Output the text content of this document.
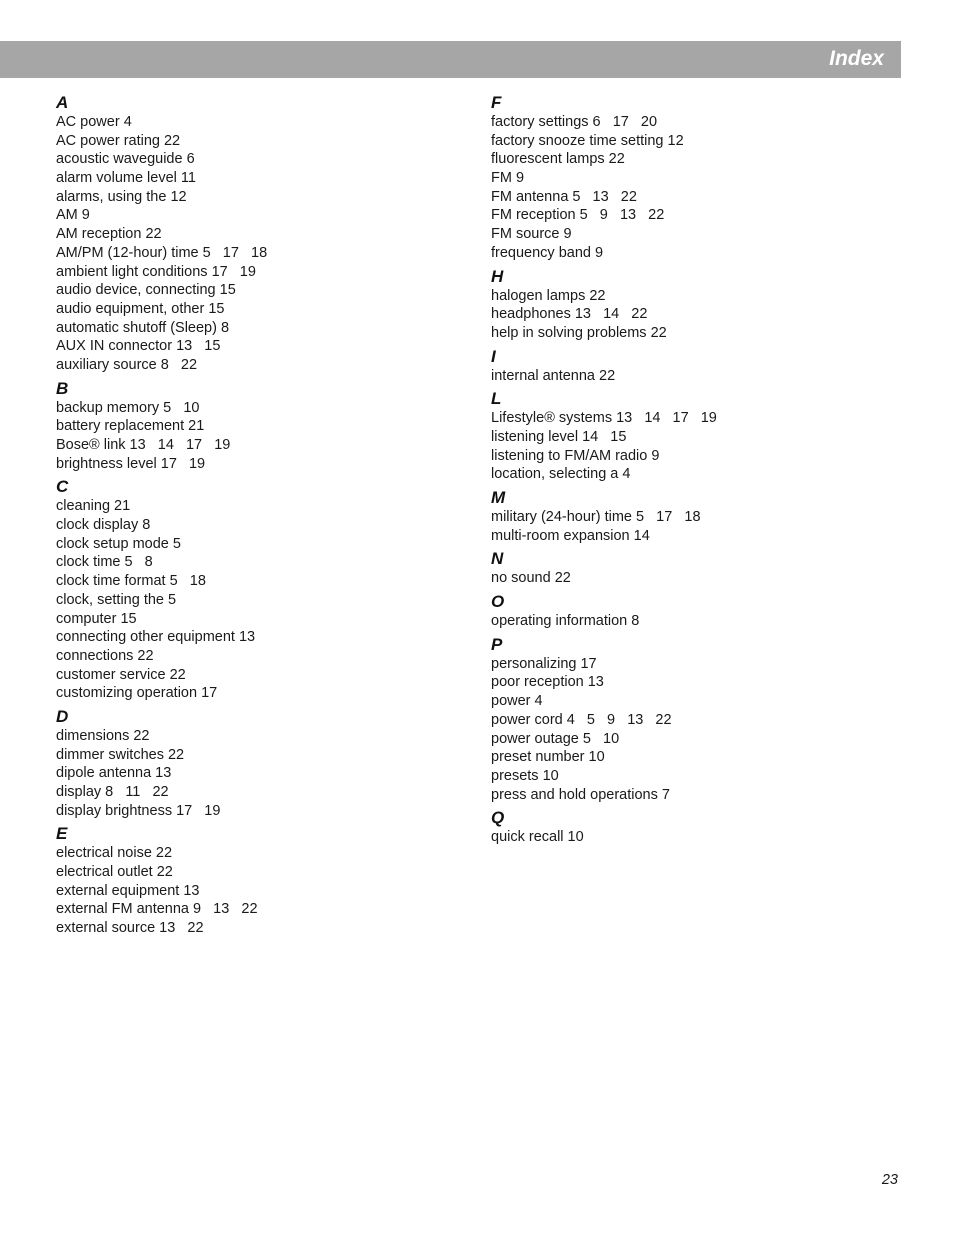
Index
A
AC power 4
AC power rating 22
acoustic waveguide 6
alarm volume level 11
alarms, using the 12
AM 9
AM reception 22
AM/PM (12-hour) time 5   17   18
ambient light conditions 17   19
audio device, connecting 15
audio equipment, other 15
automatic shutoff (Sleep) 8
AUX IN connector 13   15
auxiliary source 8   22
B
backup memory 5   10
battery replacement 21
Bose® link 13   14   17   19
brightness level 17   19
C
cleaning 21
clock display 8
clock setup mode 5
clock time 5   8
clock time format 5   18
clock, setting the 5
computer 15
connecting other equipment 13
connections 22
customer service 22
customizing operation 17
D
dimensions 22
dimmer switches 22
dipole antenna 13
display 8   11   22
display brightness 17   19
E
electrical noise 22
electrical outlet 22
external equipment 13
external FM antenna 9   13   22
external source 13   22
F
factory settings 6   17   20
factory snooze time setting 12
fluorescent lamps 22
FM 9
FM antenna 5   13   22
FM reception 5   9   13   22
FM source 9
frequency band 9
H
halogen lamps 22
headphones 13   14   22
help in solving problems 22
I
internal antenna 22
L
Lifestyle® systems 13   14   17   19
listening level 14   15
listening to FM/AM radio 9
location, selecting a 4
M
military (24-hour) time 5   17   18
multi-room expansion 14
N
no sound 22
O
operating information 8
P
personalizing 17
poor reception 13
power 4
power cord 4   5   9   13   22
power outage 5   10
preset number 10
presets 10
press and hold operations 7
Q
quick recall 10
23
